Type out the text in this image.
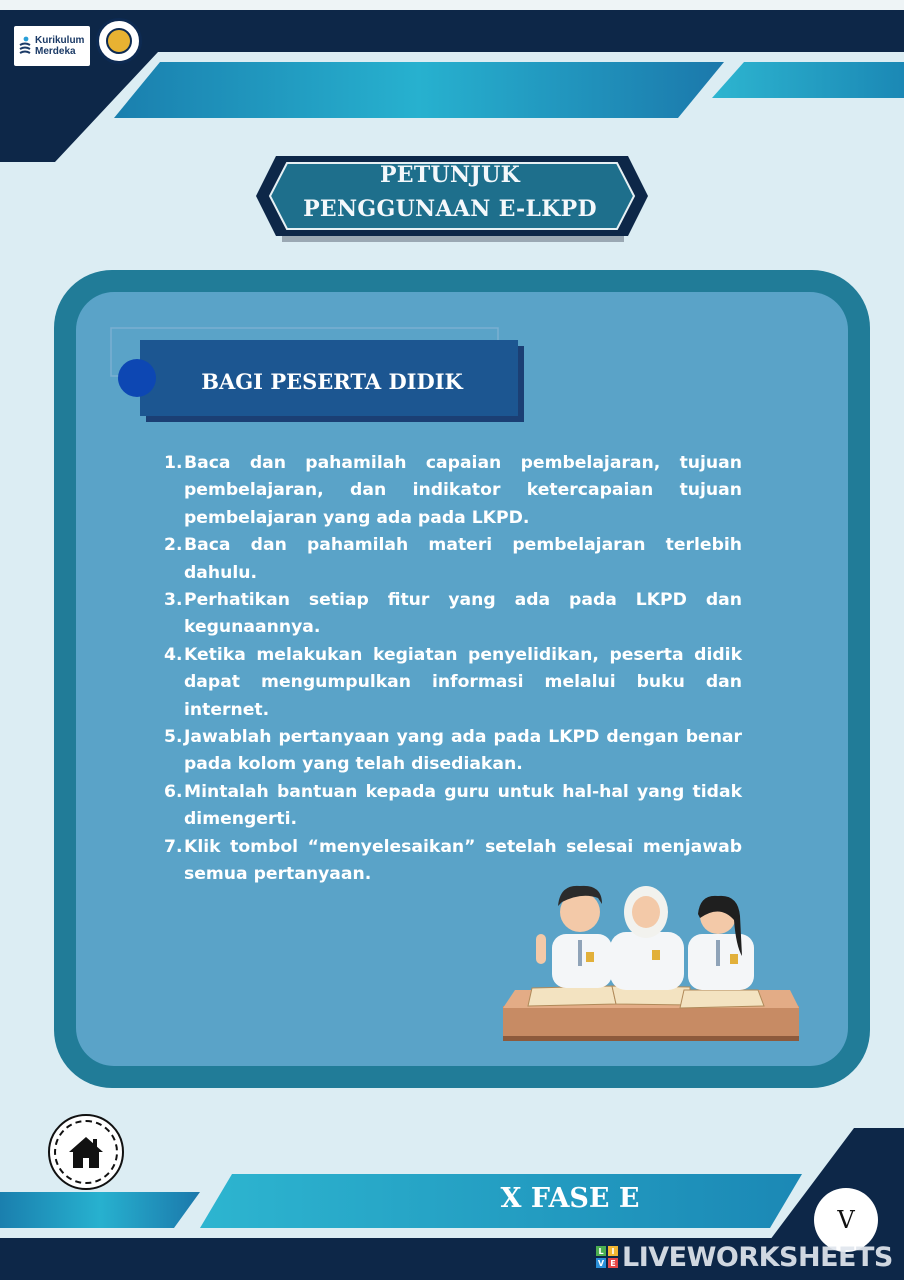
Kurikulum
Merdeka
PETUNJUK
PENGGUNAAN E-LKPD
BAGI PESERTA DIDIK
1. Baca dan pahamilah capaian pembelajaran, tujuan pembelajaran, dan indikator ketercapaian tujuan pembelajaran yang ada pada LKPD.
2. Baca dan pahamilah materi pembelajaran terlebih dahulu.
3. Perhatikan setiap fitur yang ada pada LKPD dan kegunaannya.
4. Ketika melakukan kegiatan penyelidikan, peserta didik dapat mengumpulkan informasi melalui buku dan internet.
5. Jawablah pertanyaan yang ada pada LKPD dengan benar pada kolom yang telah disediakan.
6. Mintalah bantuan kepada guru untuk hal-hal yang tidak dimengerti.
7. Klik tombol “menyelesaikan” setelah selesai menjawab semua pertanyaan.
X FASE E
V
L I
V E LIVEWORKSHEETS
